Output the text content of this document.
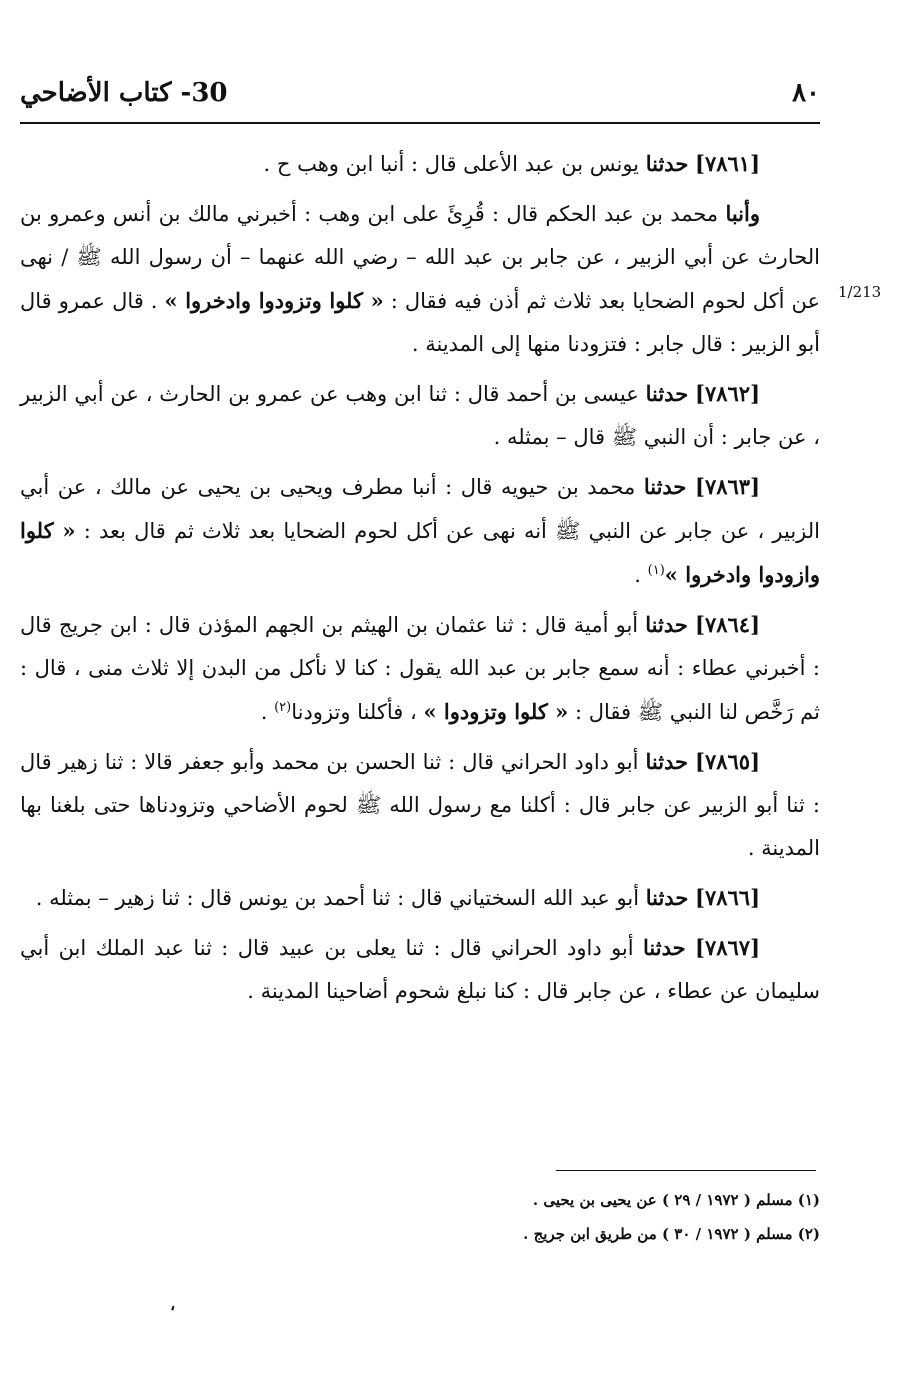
٨٠
30- كتاب الأضاحي
1/213

[٧٨٦١] حدثنا يونس بن عبد الأعلى قال : أنبا ابن وهب ح .

وأنبا محمد بن عبد الحكم قال : قُرِئَ على ابن وهب : أخبرني مالك بن أنس وعمرو بن الحارث عن أبي الزبير ، عن جابر بن عبد الله – رضي الله عنهما – أن رسول الله ﷺ / نهى عن أكل لحوم الضحايا بعد ثلاث ثم أذن فيه فقال : « كلوا وتزودوا وادخروا » . قال عمرو قال أبو الزبير : قال جابر : فتزودنا منها إلى المدينة .

[٧٨٦٢] حدثنا عيسى بن أحمد قال : ثنا ابن وهب عن عمرو بن الحارث ، عن أبي الزبير ، عن جابر : أن النبي ﷺ قال – بمثله .

[٧٨٦٣] حدثنا محمد بن حيويه قال : أنبا مطرف ويحيى بن يحيى عن مالك ، عن أبي الزبير ، عن جابر عن النبي ﷺ أنه نهى عن أكل لحوم الضحايا بعد ثلاث ثم قال بعد : « كلوا وازودوا وادخروا »$^{(١)}$ .

[٧٨٦٤] حدثنا أبو أمية قال : ثنا عثمان بن الهيثم بن الجهم المؤذن قال : ابن جريج قال : أخبرني عطاء : أنه سمع جابر بن عبد الله يقول : كنا لا نأكل من البدن إلا ثلاث منى ، قال : ثم رَخَّص لنا النبي ﷺ فقال : « كلوا وتزودوا » ، فأكلنا وتزودنا$^{(٢)}$ .

[٧٨٦٥] حدثنا أبو داود الحراني قال : ثنا الحسن بن محمد وأبو جعفر قالا : ثنا زهير قال : ثنا أبو الزبير عن جابر قال : أكلنا مع رسول الله ﷺ لحوم الأضاحي وتزودناها حتى بلغنا بها المدينة .

[٧٨٦٦] حدثنا أبو عبد الله السختياني قال : ثنا أحمد بن يونس قال : ثنا زهير – بمثله .

[٧٨٦٧] حدثنا أبو داود الحراني قال : ثنا يعلى بن عبيد قال : ثنا عبد الملك ابن أبي سليمان عن عطاء ، عن جابر قال : كنا نبلغ شحوم أضاحينا المدينة .

(١) مسلم ( ١٩٧٢ / ٢٩ ) عن يحيى بن يحيى .

(٢) مسلم ( ١٩٧٢ / ٣٠ ) من طريق ابن جريج .

،
